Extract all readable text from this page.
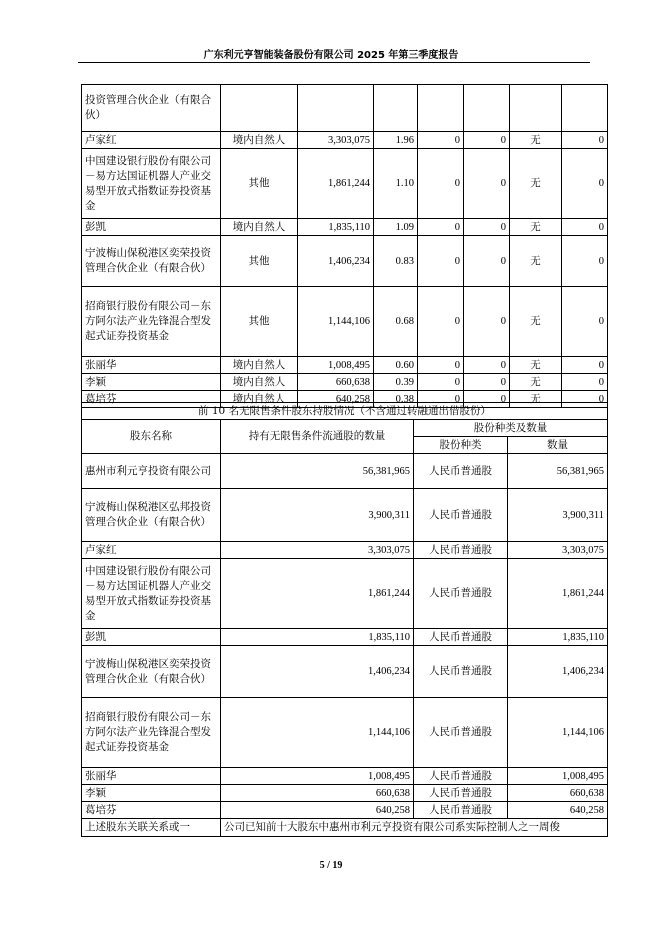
广东利元亨智能装备股份有限公司 2025 年第三季度报告
投资管理合伙企业（有限合伙）							
卢家红	境内自然人	3,303,075	1.96	0	0	无	0
中国建设银行股份有限公司－易方达国证机器人产业交易型开放式指数证券投资基金	其他	1,861,244	1.10	0	0	无	0
彭凯	境内自然人	1,835,110	1.09	0	0	无	0
宁波梅山保税港区奕荣投资管理合伙企业（有限合伙）	其他	1,406,234	0.83	0	0	无	0
招商银行股份有限公司－东方阿尔法产业先锋混合型发起式证券投资基金	其他	1,144,106	0.68	0	0	无	0
张丽华	境内自然人	1,008,495	0.60	0	0	无	0
李颖	境内自然人	660,638	0.39	0	0	无	0
葛培芬	境内自然人	640,258	0.38	0	0	无	0
前 10 名无限售条件股东持股情况（不含通过转融通出借股份）			
股东名称	持有无限售条件流通股的数量	股份种类及数量	
		股份种类	数量
惠州市利元亨投资有限公司	56,381,965	人民币普通股	56,381,965
宁波梅山保税港区弘邦投资管理合伙企业（有限合伙）	3,900,311	人民币普通股	3,900,311
卢家红	3,303,075	人民币普通股	3,303,075
中国建设银行股份有限公司－易方达国证机器人产业交易型开放式指数证券投资基金	1,861,244	人民币普通股	1,861,244
彭凯	1,835,110	人民币普通股	1,835,110
宁波梅山保税港区奕荣投资管理合伙企业（有限合伙）	1,406,234	人民币普通股	1,406,234
招商银行股份有限公司－东方阿尔法产业先锋混合型发起式证券投资基金	1,144,106	人民币普通股	1,144,106
张丽华	1,008,495	人民币普通股	1,008,495
李颖	660,638	人民币普通股	660,638
葛培芬	640,258	人民币普通股	640,258
上述股东关联关系或一	公司已知前十大股东中惠州市利元亨投资有限公司系实际控制人之一周俊		
5 / 19
